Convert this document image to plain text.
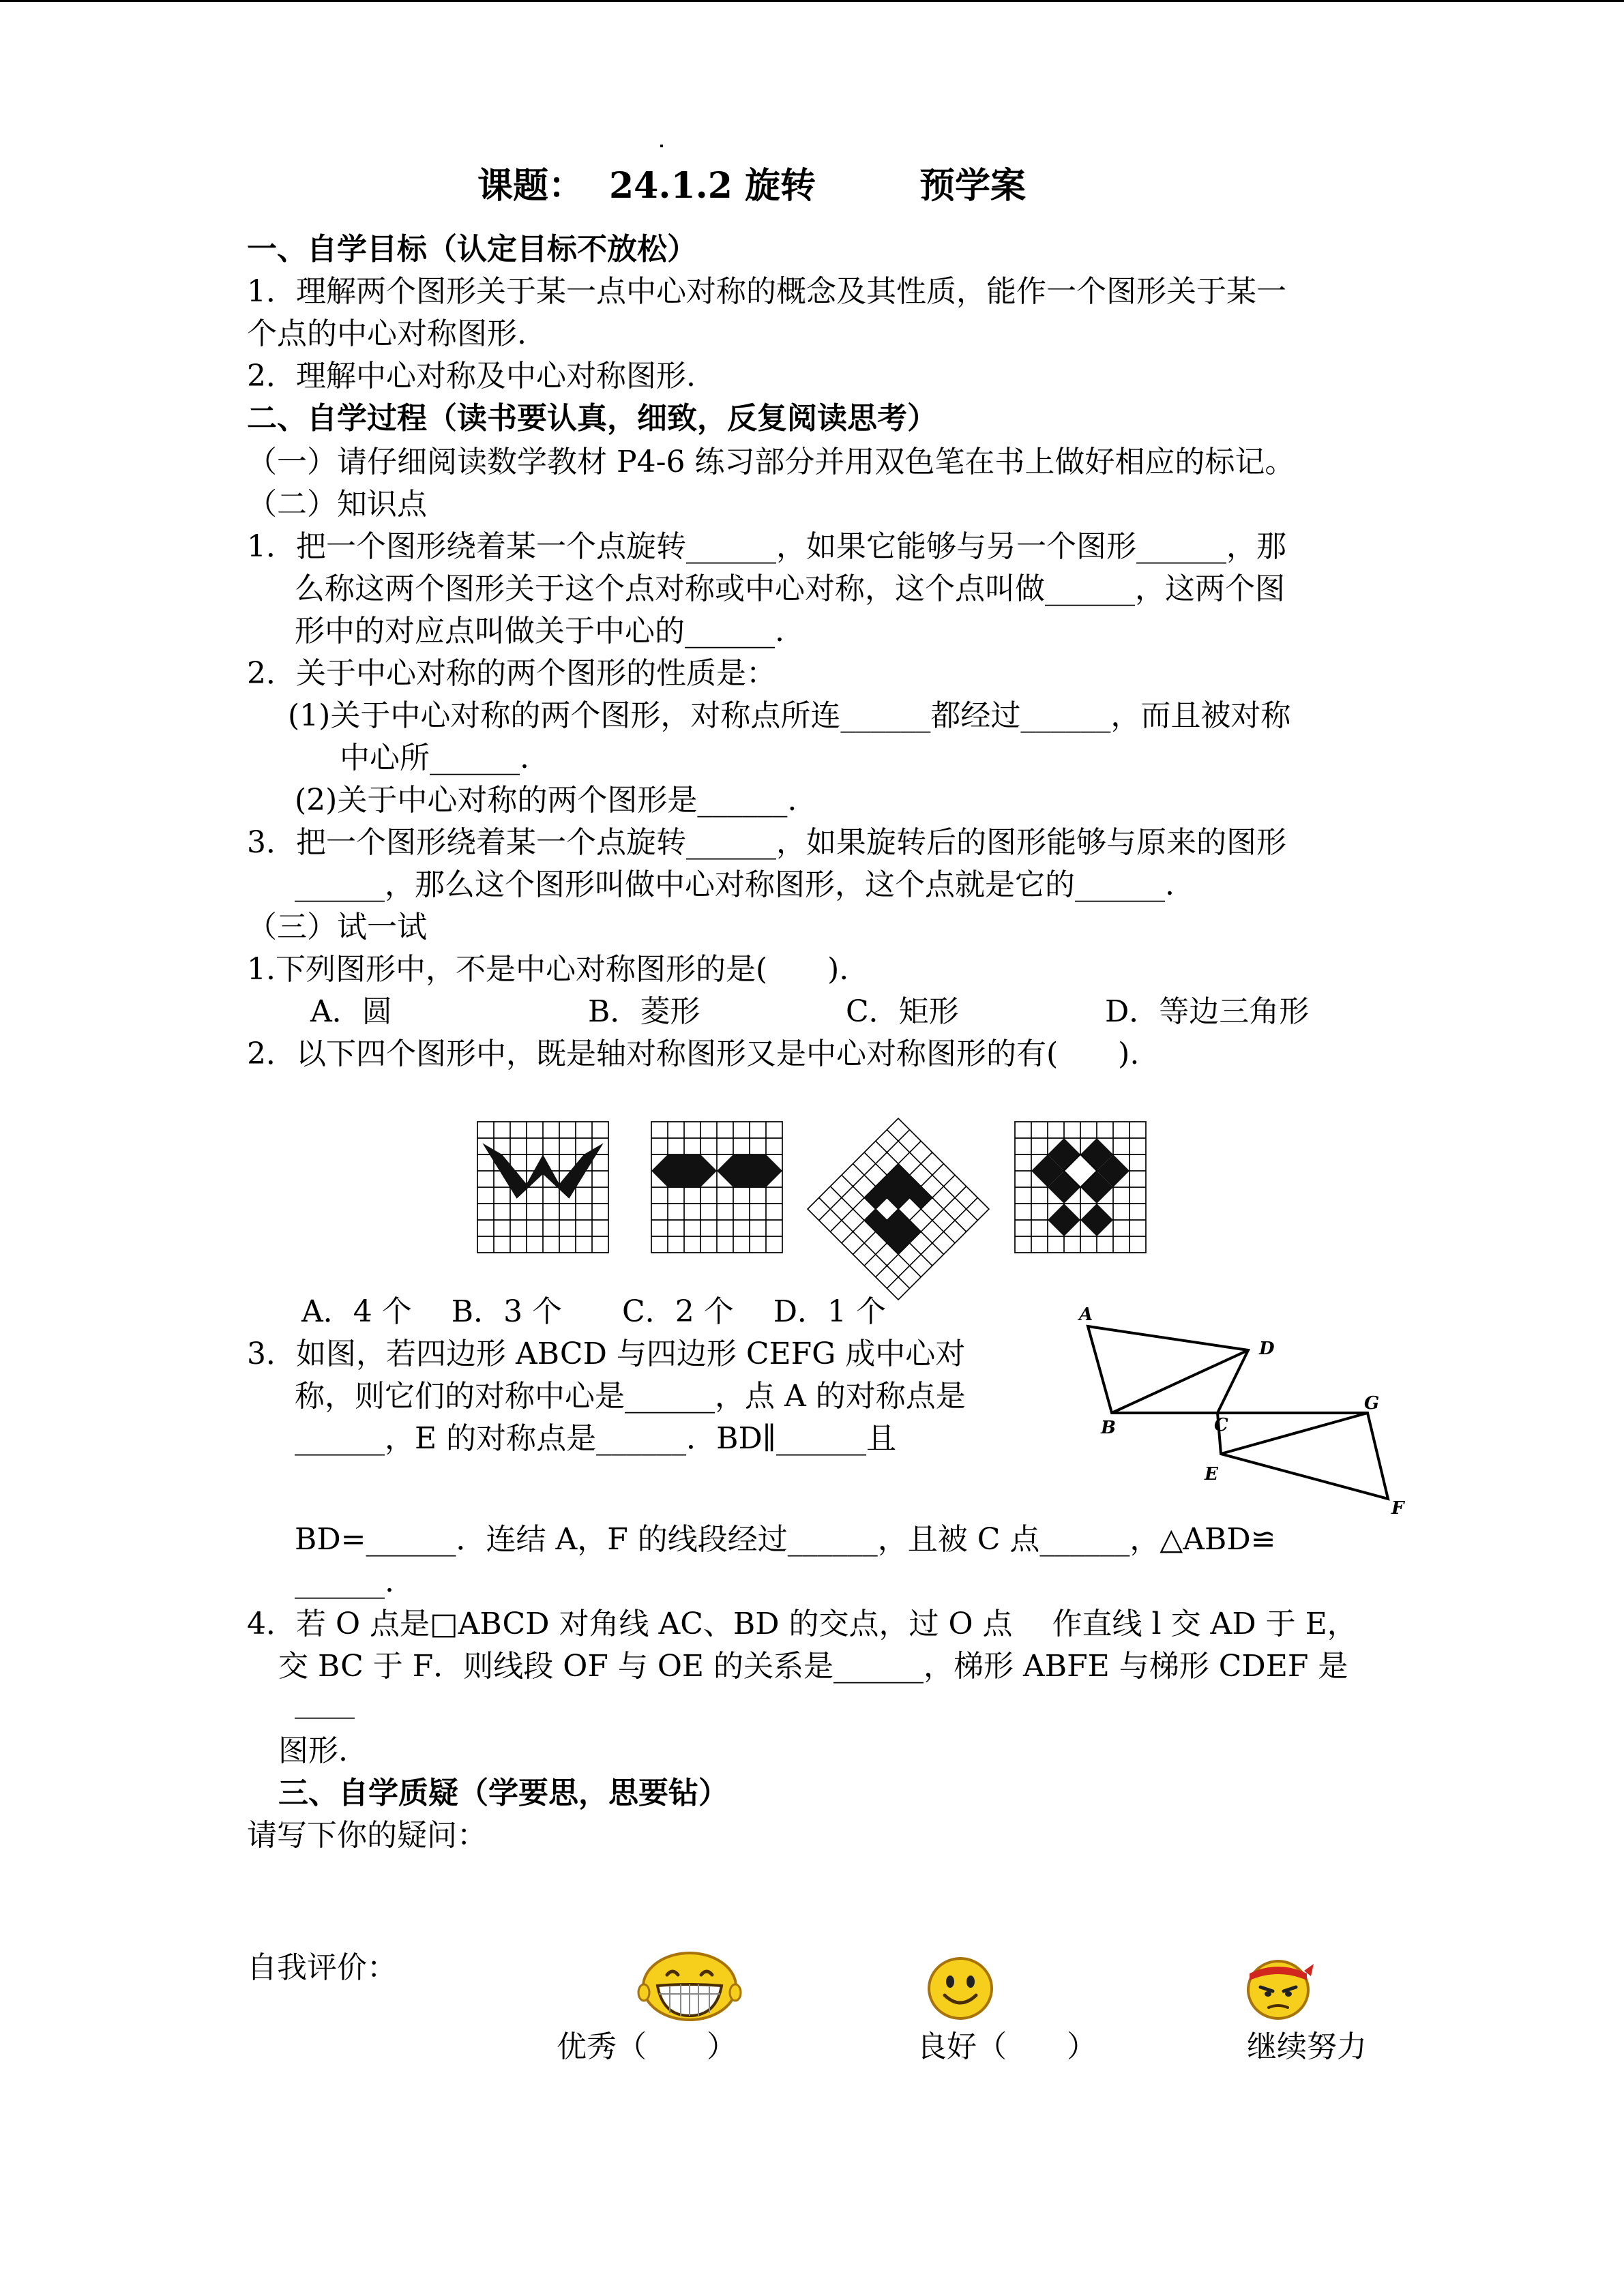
课题： 24.1.2 旋转	预学案
一、自学目标（认定目标不放松）
1．理解两个图形关于某一点中心对称的概念及其性质，能作一个图形关于某一
个点的中心对称图形.
2．理解中心对称及中心对称图形.
二、自学过程（读书要认真，细致，反复阅读思考）
（一）请仔细阅读数学教材 P4-6 练习部分并用双色笔在书上做好相应的标记。
（二）知识点
1．把一个图形绕着某一个点旋转______，如果它能够与另一个图形______，那
么称这两个图形关于这个点对称或中心对称，这个点叫做______，这两个图
形中的对应点叫做关于中心的______.
2．关于中心对称的两个图形的性质是：
(1)关于中心对称的两个图形，对称点所连______都经过______，而且被对称
中心所______.
(2)关于中心对称的两个图形是______.
3．把一个图形绕着某一个点旋转______，如果旋转后的图形能够与原来的图形
______，那么这个图形叫做中心对称图形，这个点就是它的______.
（三）试一试
1.下列图形中，不是中心对称图形的是(　　).
A．圆	B．菱形	C．矩形	D．等边三角形
2．以下四个图形中，既是轴对称图形又是中心对称图形的有(　　).
A．4 个　 B．3 个　　C．2 个　 D．1 个
3．如图，若四边形 ABCD 与四边形 CEFG 成中心对
称，则它们的对称中心是______，点 A 的对称点是
______，E 的对称点是______．BD∥______且
A
D
B	C
G
E
F
BD=______．连结 A，F 的线段经过______，且被 C 点______，△ABD≌
______.
4．若 O 点是□ABCD 对角线 AC、BD 的交点，过 O 点　 作直线 l 交 AD 于 E，
交 BC 于 F．则线段 OF 与 OE 的关系是______，梯形 ABFE 与梯形 CDEF 是
____
图形.
三、自学质疑（学要思，思要钻）
请写下你的疑问：
自我评价：
优秀（　　）	良好（　　）	继续努力
